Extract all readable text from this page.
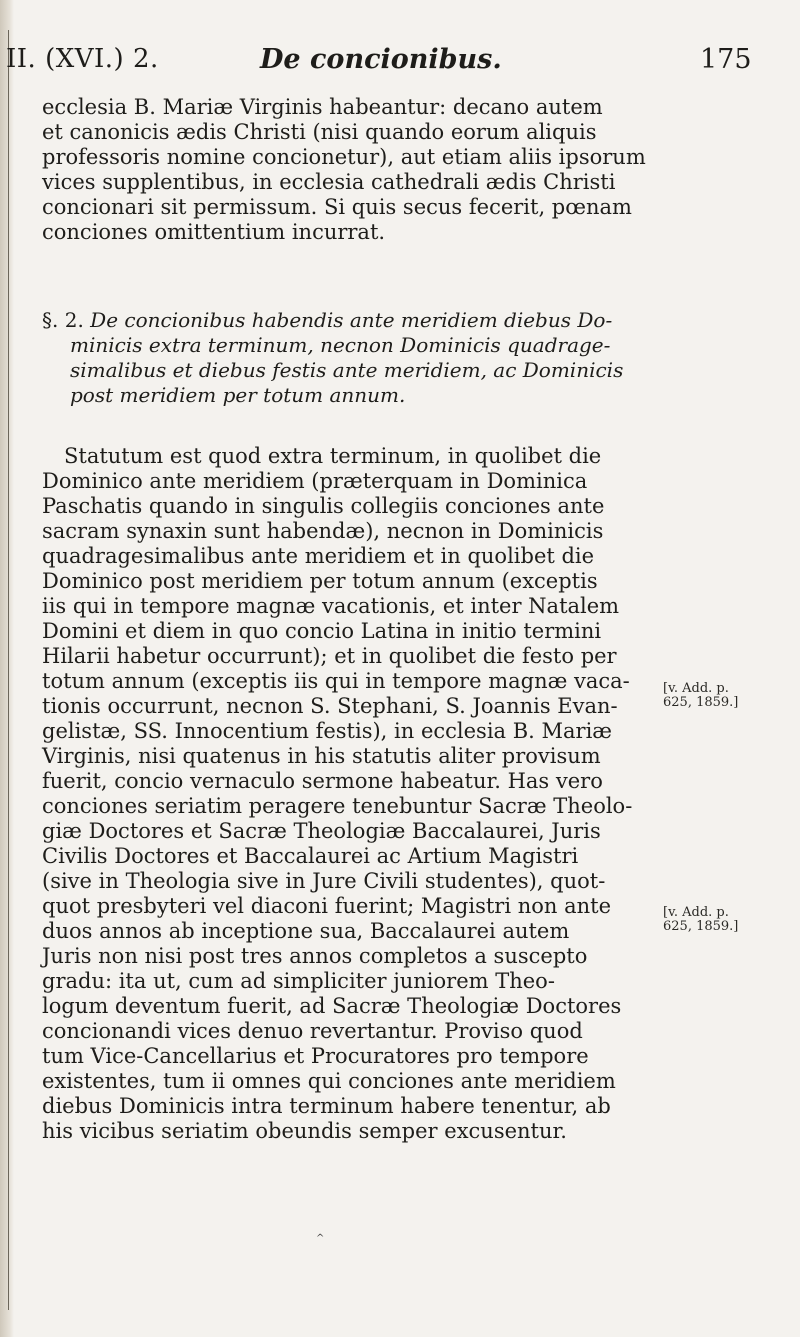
II. (XVI.) 2.	De concionibus.	175
ecclesia B. Mariæ Virginis habeantur: decano autem
et canonicis ædis Christi (nisi quando eorum aliquis
professoris nomine concionetur), aut etiam aliis ipsorum
vices supplentibus, in ecclesia cathedrali ædis Christi
concionari sit permissum. Si quis secus fecerit, pœnam
conciones omittentium incurrat.
§. 2. De concionibus habendis ante meridiem diebus Do-
minicis extra terminum, necnon Dominicis quadrage-
simalibus et diebus festis ante meridiem, ac Dominicis
post meridiem per totum annum.
Statutum est quod extra terminum, in quolibet die
Dominico ante meridiem (præterquam in Dominica
Paschatis quando in singulis collegiis conciones ante
sacram synaxin sunt habendæ), necnon in Dominicis
quadragesimalibus ante meridiem et in quolibet die
Dominico post meridiem per totum annum (exceptis
iis qui in tempore magnæ vacationis, et inter Natalem
Domini et diem in quo concio Latina in initio termini
Hilarii habetur occurrunt); et in quolibet die festo per
totum annum (exceptis iis qui in tempore magnæ vaca-
tionis occurrunt, necnon S. Stephani, S. Joannis Evan-
gelistæ, SS. Innocentium festis), in ecclesia B. Mariæ
Virginis, nisi quatenus in his statutis aliter provisum
fuerit, concio vernaculo sermone habeatur. Has vero
conciones seriatim peragere tenebuntur Sacræ Theolo-
giæ Doctores et Sacræ Theologiæ Baccalaurei, Juris
Civilis Doctores et Baccalaurei ac Artium Magistri
(sive in Theologia sive in Jure Civili studentes), quot-
quot presbyteri vel diaconi fuerint; Magistri non ante
duos annos ab inceptione sua, Baccalaurei autem
Juris non nisi post tres annos completos a suscepto
gradu: ita ut, cum ad simpliciter juniorem Theo-
logum deventum fuerit, ad Sacræ Theologiæ Doctores
concionandi vices denuo revertantur. Proviso quod
tum Vice-Cancellarius et Procuratores pro tempore
existentes, tum ii omnes qui conciones ante meridiem
diebus Dominicis intra terminum habere tenentur, ab
his vicibus seriatim obeundis semper excusentur.
[v. Add. p.
625, 1859.]
[v. Add. p.
625, 1859.]
^
